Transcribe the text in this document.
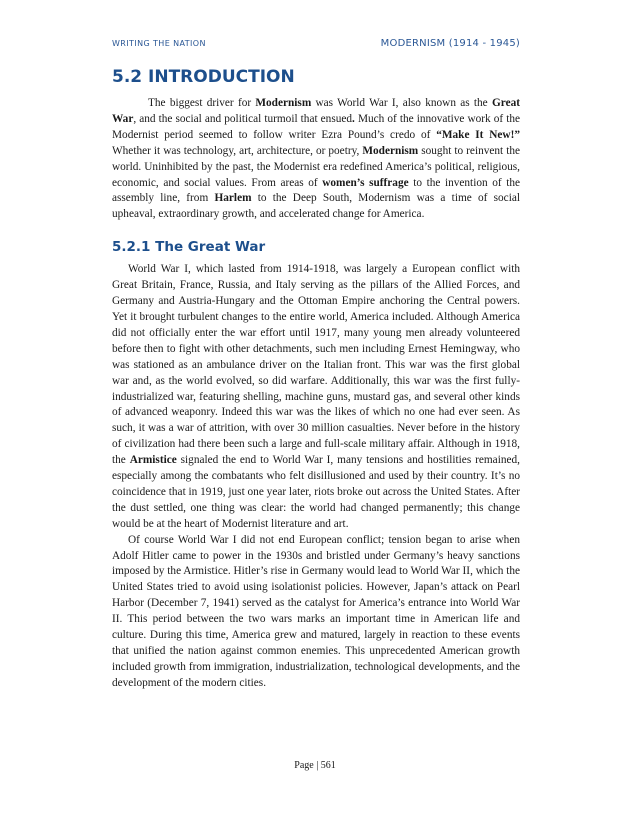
WRITING THE NATION	MODERNISM (1914 - 1945)
5.2 INTRODUCTION

The biggest driver for Modernism was World War I, also known as the Great War, and the social and political turmoil that ensued. Much of the innovative work of the Modernist period seemed to follow writer Ezra Pound’s credo of “Make It New!” Whether it was technology, art, architecture, or poetry, Modernism sought to reinvent the world. Uninhibited by the past, the Modernist era redefined America’s political, religious, economic, and social values. From areas of women’s suffrage to the invention of the assembly line, from Harlem to the Deep South, Modernism was a time of social upheaval, extraordinary growth, and accelerated change for America.

5.2.1 The Great War

World War I, which lasted from 1914-1918, was largely a European conflict with Great Britain, France, Russia, and Italy serving as the pillars of the Allied Forces, and Germany and Austria-Hungary and the Ottoman Empire anchoring the Central powers. Yet it brought turbulent changes to the entire world, America included. Although America did not officially enter the war effort until 1917, many young men already volunteered before then to fight with other detachments, such men including Ernest Hemingway, who was stationed as an ambulance driver on the Italian front. This war was the first global war and, as the world evolved, so did warfare. Additionally, this war was the first fully-industrialized war, featuring shelling, machine guns, mustard gas, and several other kinds of advanced weaponry. Indeed this war was the likes of which no one had ever seen. As such, it was a war of attrition, with over 30 million casualties. Never before in the history of civilization had there been such a large and full-scale military affair. Although in 1918, the Armistice signaled the end to World War I, many tensions and hostilities remained, especially among the combatants who felt disillusioned and used by their country. It’s no coincidence that in 1919, just one year later, riots broke out across the United States. After the dust settled, one thing was clear: the world had changed permanently; this change would be at the heart of Modernist literature and art.

Of course World War I did not end European conflict; tension began to arise when Adolf Hitler came to power in the 1930s and bristled under Germany’s heavy sanctions imposed by the Armistice. Hitler’s rise in Germany would lead to World War II, which the United States tried to avoid using isolationist policies. However, Japan’s attack on Pearl Harbor (December 7, 1941) served as the catalyst for America’s entrance into World War II. This period between the two wars marks an important time in American life and culture. During this time, America grew and matured, largely in reaction to these events that unified the nation against common enemies. This unprecedented American growth included growth from immigration, industrialization, technological developments, and the development of the modern cities.

Page | 561
